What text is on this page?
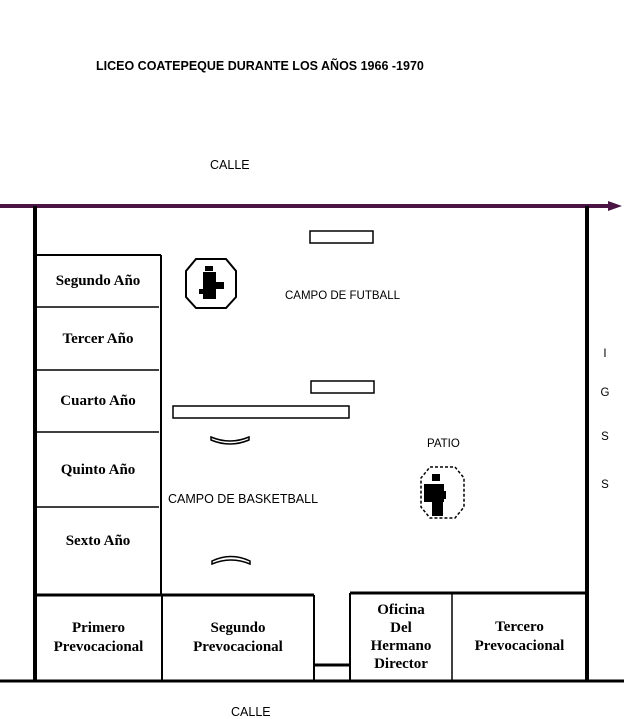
LICEO COATEPEQUE DURANTE LOS AÑOS 1966 -1970
CALLE
CALLE
CAMPO DE FUTBALL
CAMPO DE BASKETBALL
PATIO
I
G
S
S
Segundo Año
Tercer Año
Cuarto Año
Quinto Año
Sexto Año
Primero
Prevocacional
Segundo
Prevocacional
Oficina
Del
Hermano
Director
Tercero
Prevocacional
